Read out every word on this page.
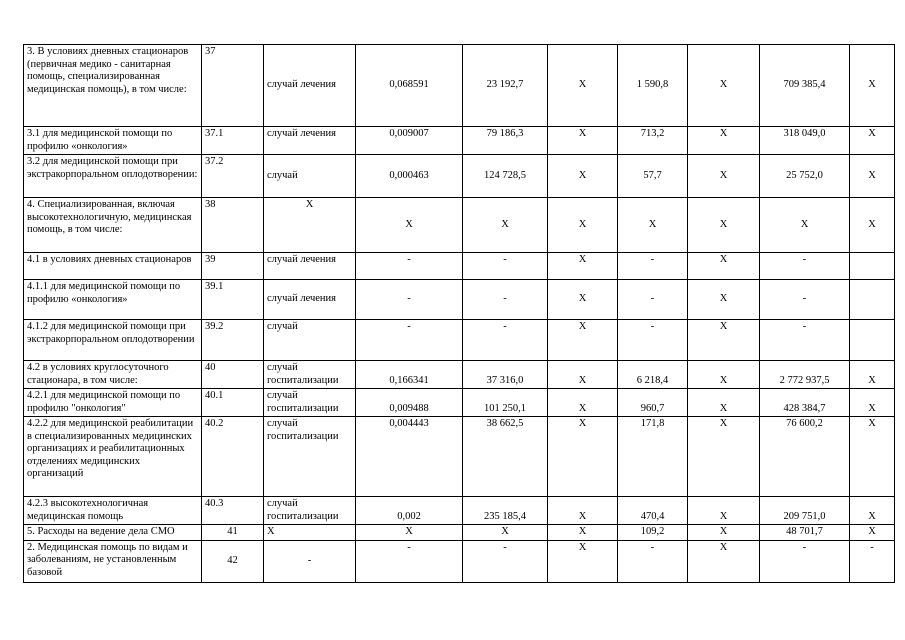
3. В условиях дневных стационаров (первичная медико - санитарная помощь, специализированная медицинская помощь), в том числе:	37	случай лечения	0,068591	23 192,7	X	1 590,8	X	709 385,4	X
3.1 для медицинской помощи по профилю «онкология»	37.1	случай лечения	0,009007	79 186,3	X	713,2	X	318 049,0	X
3.2 для медицинской помощи при экстракорпоральном оплодотворении:	37.2	случай	0,000463	124 728,5	X	57,7	X	25 752,0	X
4. Специализированная, включая высокотехнологичную, медицинская помощь, в том числе:	38	X	X	X	X	X	X	X	X
4.1 в условиях дневных стационаров	39	случай лечения	-	-	X	-	X	-	
4.1.1 для медицинской помощи по профилю «онкология»	39.1	случай лечения	-	-	X	-	X	-	
4.1.2 для медицинской помощи при экстракорпоральном оплодотворении	39.2	случай	-	-	X	-	X	-	
4.2 в условиях круглосуточного стационара, в том числе:	40	случай госпитализации	0,166341	37 316,0	X	6 218,4	X	2 772 937,5	X
4.2.1 для медицинской помощи по профилю "онкология"	40.1	случай госпитализации	0,009488	101 250,1	X	960,7	X	428 384,7	X
4.2.2 для медицинской реабилитации в специализированных медицинских организациях и реабилитационных отделениях медицинских организаций	40.2	случай госпитализации	0,004443	38 662,5	X	171,8	X	76 600,2	X
4.2.3 высокотехнологичная медицинская помощь	40.3	случай госпитализации	0,002	235 185,4	X	470,4	X	209 751,0	X
5. Расходы на ведение дела СМО	41	X	X	X	X	109,2	X	48 701,7	X
2. Медицинская помощь по видам и заболеваниям, не установленным базовой	42	-	-	-	X	-	X	-	-
